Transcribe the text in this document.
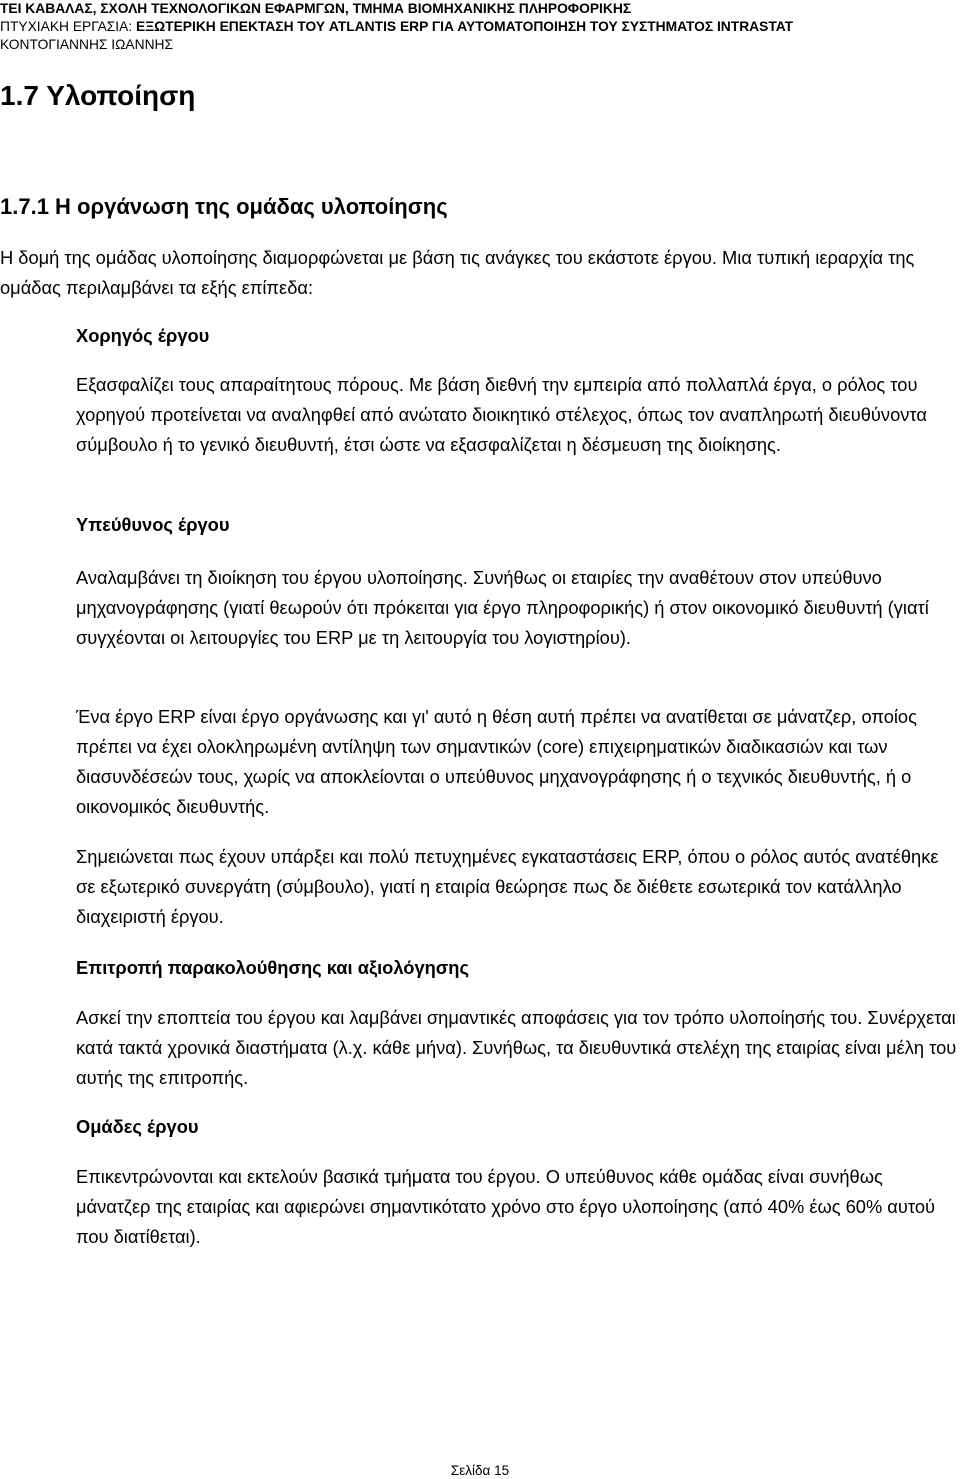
ΤΕΙ ΚΑΒΑΛΑΣ, ΣΧΟΛΗ ΤΕΧΝΟΛΟΓΙΚΩΝ ΕΦΑΡΜΓΩΝ, ΤΜΗΜΑ ΒΙΟΜΗΧΑΝΙΚΗΣ ΠΛΗΡΟΦΟΡΙΚΗΣ
ΠΤΥΧΙΑΚΗ ΕΡΓΑΣΙΑ: ΕΞΩΤΕΡΙΚΗ ΕΠΕΚΤΑΣΗ ΤΟΥ ATLANTIS ERP ΓΙΑ ΑΥΤΟΜΑΤΟΠΟΙΗΣΗ ΤΟΥ ΣΥΣΤΗΜΑΤΟΣ INTRASTAT
ΚΟΝΤΟΓΙΑΝΝΗΣ ΙΩΑΝΝΗΣ
1.7 Υλοποίηση
1.7.1 Η οργάνωση της ομάδας υλοποίησης
Η δομή της ομάδας υλοποίησης διαμορφώνεται με βάση τις ανάγκες του εκάστοτε έργου. Μια τυπική ιεραρχία της ομάδας περιλαμβάνει τα εξής επίπεδα:
Χορηγός έργου
Εξασφαλίζει τους απαραίτητους πόρους. Με βάση διεθνή την εμπειρία από πολλαπλά έργα, ο ρόλος του χορηγού προτείνεται να αναληφθεί από ανώτατο διοικητικό στέλεχος, όπως τον αναπληρωτή διευθύνοντα σύμβουλο ή το γενικό διευθυντή, έτσι ώστε να εξασφαλίζεται η δέσμευση της διοίκησης.
Υπεύθυνος έργου
Αναλαμβάνει τη διοίκηση του έργου υλοποίησης. Συνήθως οι εταιρίες την αναθέτουν στον υπεύθυνο μηχανογράφησης (γιατί θεωρούν ότι πρόκειται για έργο πληροφορικής) ή στον οικονομικό διευθυντή (γιατί συγχέονται οι λειτουργίες του ERP με τη λειτουργία του λογιστηρίου).
Ένα έργο ERP είναι έργο οργάνωσης και γι' αυτό η θέση αυτή πρέπει να ανατίθεται σε μάνατζερ, οποίος πρέπει να έχει ολοκληρωμένη αντίληψη των σημαντικών (core) επιχειρηματικών διαδικασιών και των διασυνδέσεών τους, χωρίς να αποκλείονται ο υπεύθυνος μηχανογράφησης ή ο τεχνικός διευθυντής, ή ο οικονομικός διευθυντής.
Σημειώνεται πως έχουν υπάρξει και πολύ πετυχημένες εγκαταστάσεις ERP, όπου ο ρόλος αυτός ανατέθηκε σε εξωτερικό συνεργάτη (σύμβουλο), γιατί η εταιρία θεώρησε πως δε διέθετε εσωτερικά τον κατάλληλο διαχειριστή έργου.
Επιτροπή παρακολούθησης και αξιολόγησης
Ασκεί την εποπτεία του έργου και λαμβάνει σημαντικές αποφάσεις για τον τρόπο υλοποίησής του. Συνέρχεται κατά τακτά χρονικά διαστήματα (λ.χ. κάθε μήνα). Συνήθως, τα διευθυντικά στελέχη της εταιρίας είναι μέλη του αυτής της επιτροπής.
Ομάδες έργου
Επικεντρώνονται και εκτελούν βασικά τμήματα του έργου. Ο υπεύθυνος κάθε ομάδας είναι συνήθως μάνατζερ της εταιρίας και αφιερώνει σημαντικότατο χρόνο στο έργο υλοποίησης (από 40% έως 60% αυτού που διατίθεται).
Σελίδα 15
